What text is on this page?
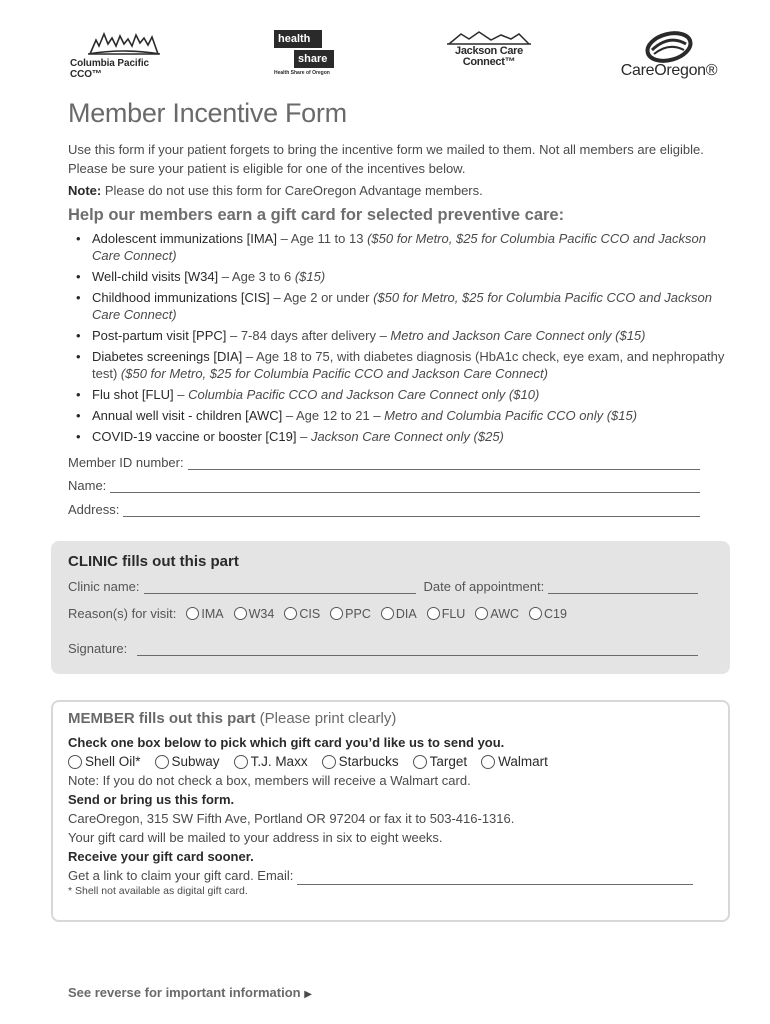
Columbia Pacific CCO™
health
share
Health Share of Oregon
Jackson Care
Connect™	CareOregon®
Member Incentive Form

Use this form if your patient forgets to bring the incentive form we mailed to them. Not all members are eligible. Please be sure your patient is eligible for one of the incentives below.

Note: Please do not use this form for CareOregon Advantage members.

Help our members earn a gift card for selected preventive care:
• Adolescent immunizations [IMA] – Age 11 to 13 ($50 for Metro, $25 for Columbia Pacific CCO and Jackson Care Connect)
• Well-child visits [W34] – Age 3 to 6 ($15)
• Childhood immunizations [CIS] – Age 2 or under ($50 for Metro, $25 for Columbia Pacific CCO and Jackson Care Connect)
• Post-partum visit [PPC] – 7-84 days after delivery – Metro and Jackson Care Connect only ($15)
• Diabetes screenings [DIA] – Age 18 to 75, with diabetes diagnosis (HbA1c check, eye exam, and nephropathy test) ($50 for Metro, $25 for Columbia Pacific CCO and Jackson Care Connect)
• Flu shot [FLU] – Columbia Pacific CCO and Jackson Care Connect only ($10)
• Annual well visit - children [AWC] – Age 12 to 21 – Metro and Columbia Pacific CCO only ($15)
• COVID-19 vaccine or booster [C19] – Jackson Care Connect only ($25)
Member ID number:
Name:
Address:
CLINIC fills out this part
Clinic name:	Date of appointment:
Reason(s) for visit: IMA W34 CIS PPC DIA FLU AWC C19
Signature:
MEMBER fills out this part (Please print clearly)
Check one box below to pick which gift card you’d like us to send you.
Shell Oil* Subway T.J. Maxx Starbucks Target Walmart
Note: If you do not check a box, members will receive a Walmart card.
Send or bring us this form.
CareOregon, 315 SW Fifth Ave, Portland OR 97204 or fax it to 503-416-1316.
Your gift card will be mailed to your address in six to eight weeks.
Receive your gift card sooner.
Get a link to claim your gift card. Email:
* Shell not available as digital gift card.
See reverse for important information ▶
